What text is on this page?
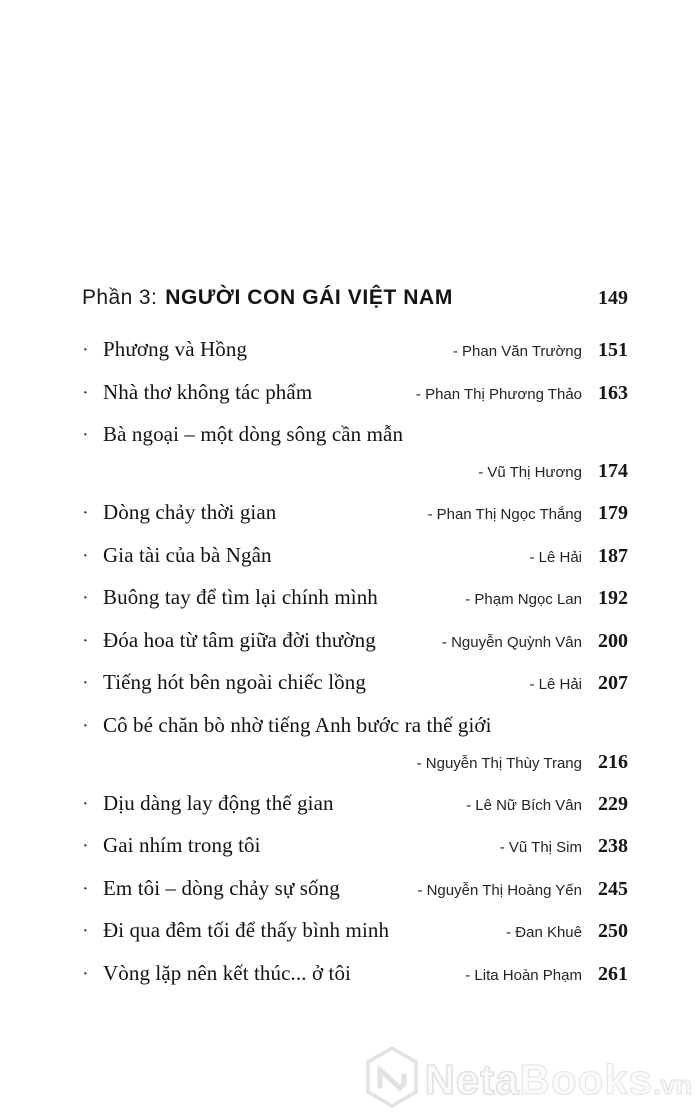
Phần 3: NGƯỜI CON GÁI VIỆT NAM	149
· Phương và Hồng	- Phan Văn Trường 151
· Nhà thơ không tác phẩm	- Phan Thị Phương Thảo 163
· Bà ngoại – một dòng sông cần mẫn
- Vũ Thị Hương 174
· Dòng chảy thời gian	- Phan Thị Ngọc Thắng 179
· Gia tài của bà Ngân	- Lê Hải 187
· Buông tay để tìm lại chính mình	- Phạm Ngọc Lan 192
· Đóa hoa từ tâm giữa đời thường	- Nguyễn Quỳnh Vân 200
· Tiếng hót bên ngoài chiếc lồng	- Lê Hải 207
· Cô bé chăn bò nhờ tiếng Anh bước ra thế giới
- Nguyễn Thị Thùy Trang 216
· Dịu dàng lay động thế gian	- Lê Nữ Bích Vân 229
· Gai nhím trong tôi	- Vũ Thị Sim 238
· Em tôi – dòng chảy sự sống	- Nguyễn Thị Hoàng Yến 245
· Đi qua đêm tối để thấy bình minh	- Đan Khuê 250
· Vòng lặp nên kết thúc... ở tôi	- Lita Hoàn Phạm 261
NetaBooks.vn
